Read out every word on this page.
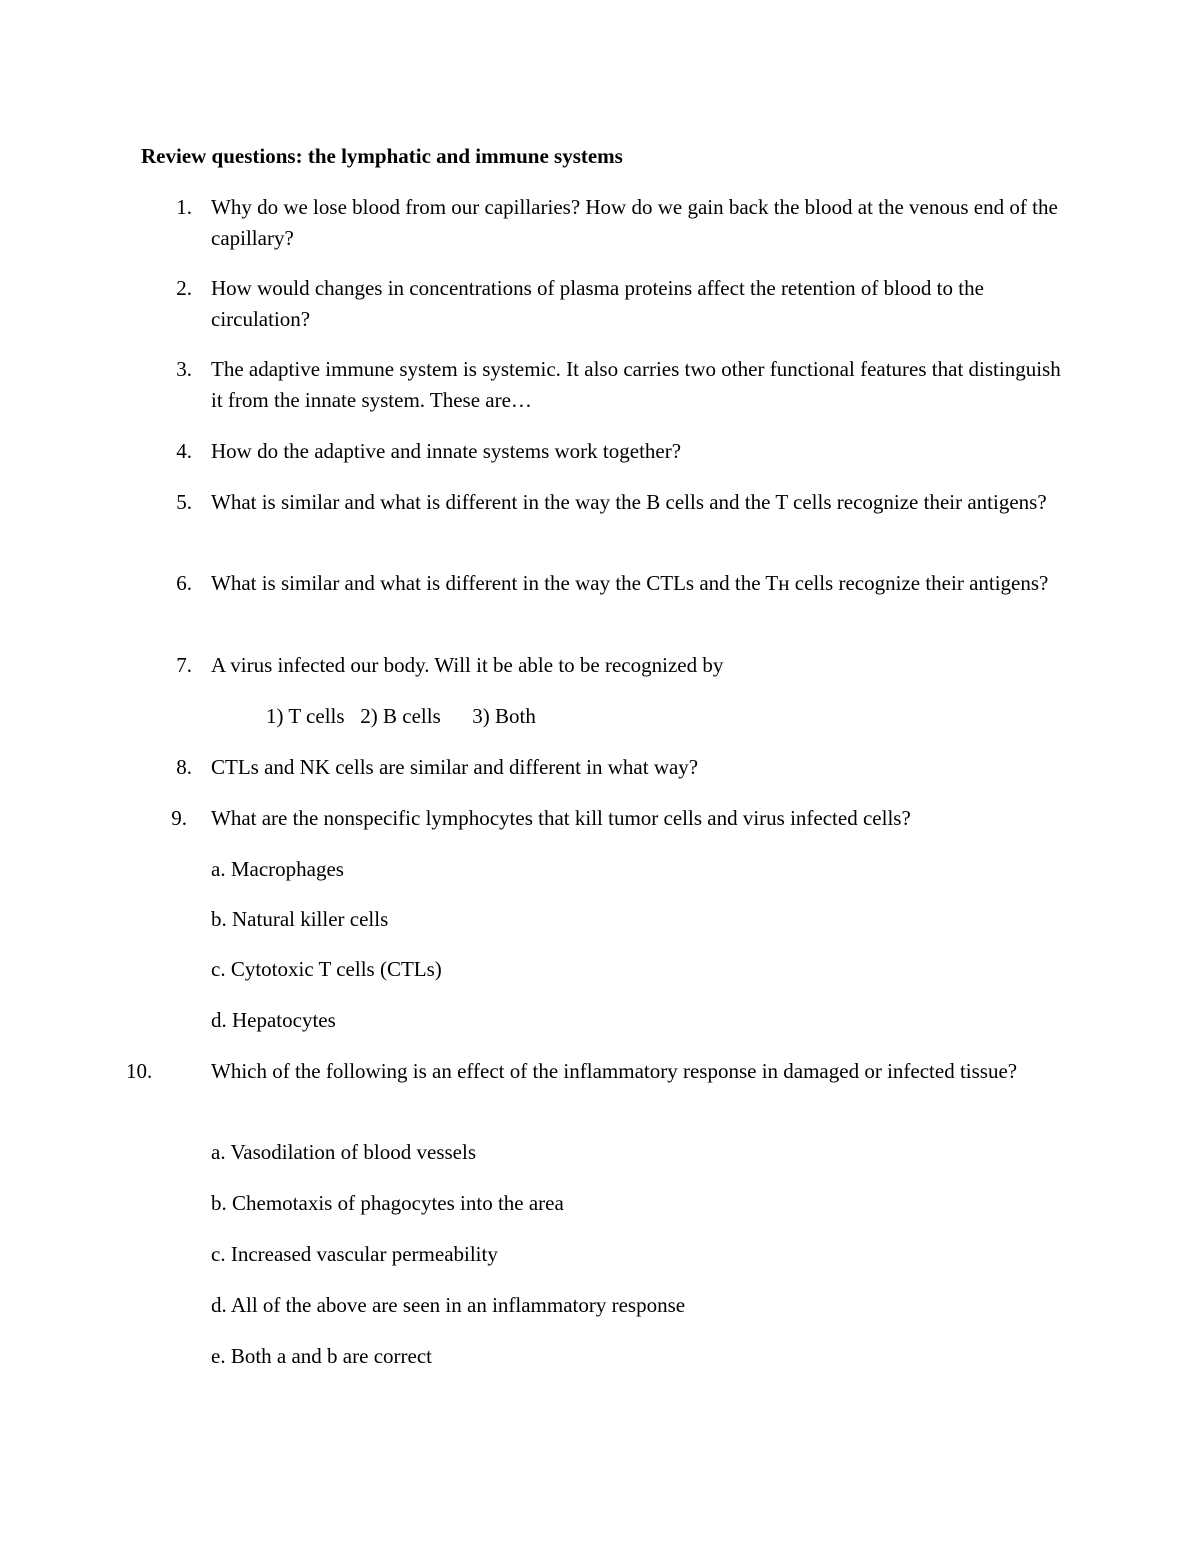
Review questions: the lymphatic and immune systems
1. Why do we lose blood from our capillaries? How do we gain back the blood at the venous end of the capillary?
2. How would changes in concentrations of plasma proteins affect the retention of blood to the circulation?
3. The adaptive immune system is systemic. It also carries two other functional features that distinguish it from the innate system. These are…
4. How do the adaptive and innate systems work together?
5. What is similar and what is different in the way the B cells and the T cells recognize their antigens?
6. What is similar and what is different in the way the CTLs and the Tʜ cells recognize their antigens?
7. A virus infected our body. Will it be able to be recognized by
1) T cells   2) B cells      3) Both
8. CTLs and NK cells are similar and different in what way?
9. What are the nonspecific lymphocytes that kill tumor cells and virus infected cells?
a. Macrophages
b. Natural killer cells
c. Cytotoxic T cells (CTLs)
d. Hepatocytes
10.	Which of the following is an effect of the inflammatory response in damaged or infected tissue?
a. Vasodilation of blood vessels
b. Chemotaxis of phagocytes into the area
c. Increased vascular permeability
d. All of the above are seen in an inflammatory response
e. Both a and b are correct
